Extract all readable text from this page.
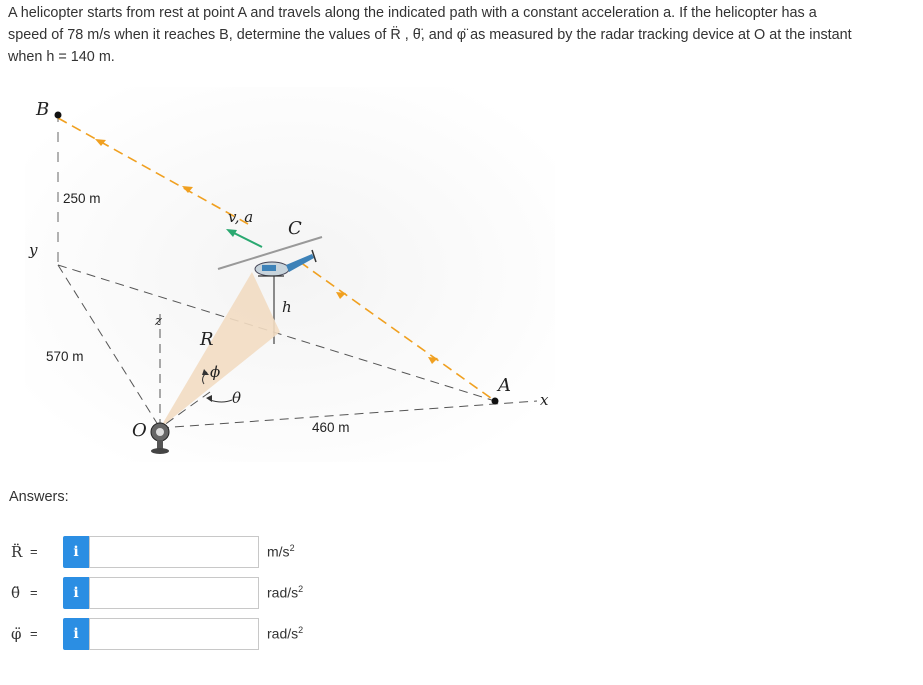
A helicopter starts from rest at point A and travels along the indicated path with a constant acceleration a. If the helicopter has a

speed of 78 m/s when it reaches B, determine the values of R̈ , θ̈, and φ̈ as measured by the radar tracking device at O at the instant

when h = 140 m.

B
A
C
O
R
y
x
z
v, a
h
ϕ
θ
250 m
570 m
460 m
Answers:
R̈ =	i	$m/s^2$
θ̈ =	i	rad/$s^2$
φ̈ =	i	rad/$s^2$
